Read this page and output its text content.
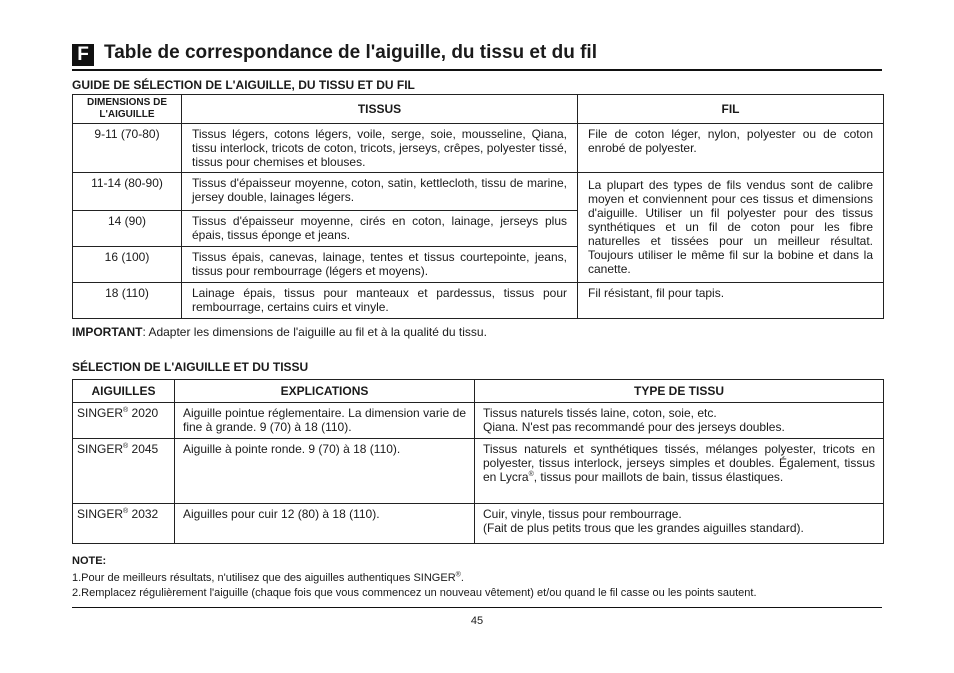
F Table de correspondance de l'aiguille, du tissu et du fil
GUIDE DE SÉLECTION DE L'AIGUILLE, DU TISSU ET DU FIL
DIMENSIONS DE L'AIGUILLE	TISSUS	FIL
9-11 (70-80)	Tissus légers, cotons légers, voile, serge, soie, mousseline, Qiana, tissu interlock, tricots de coton, tricots, jerseys, crêpes, polyester tissé, tissus pour chemises et blouses.	File de coton léger, nylon, polyester ou de coton enrobé de polyester.
11-14 (80-90)	Tissus d'épaisseur moyenne, coton, satin, kettlecloth, tissu de marine, jersey double, lainages légers.	La plupart des types de fils vendus sont de calibre moyen et conviennent pour ces tissus et dimensions d'aiguille. Utiliser un fil polyester pour des tissus synthétiques et un fil de coton pour les fibre naturelles et tissées pour un meilleur résultat. Toujours utiliser le même fil sur la bobine et dans la canette.
14 (90)	Tissus d'épaisseur moyenne, cirés en coton, lainage, jerseys plus épais, tissus éponge et jeans.	
16 (100)	Tissus épais, canevas, lainage, tentes et tissus courtepointe, jeans, tissus pour rembourrage (légers et moyens).	
18 (110)	Lainage épais, tissus pour manteaux et pardessus, tissus pour rembourrage, certains cuirs et vinyle.	Fil résistant, fil pour tapis.
IMPORTANT: Adapter les dimensions de l'aiguille au fil et à la qualité du tissu.
SÉLECTION DE L'AIGUILLE ET DU TISSU
AIGUILLES	EXPLICATIONS	TYPE DE TISSU
SINGER® 2020	Aiguille pointue réglementaire. La dimension varie de fine à grande. 9 (70) à 18 (110).	Tissus naturels tissés laine, coton, soie, etc.
Qiana. N'est pas recommandé pour des jerseys doubles.

SINGER® 2045	Aiguille à pointe ronde. 9 (70) à 18 (110).	Tissus naturels et synthétiques tissés, mélanges polyester, tricots en polyester, tissus interlock, jerseys simples et doubles. Également, tissus en Lycra®, tissus pour maillots de bain, tissus élastiques.
SINGER® 2032	Aiguilles pour cuir 12 (80) à 18 (110).	Cuir, vinyle, tissus pour rembourrage.
(Fait de plus petits trous que les grandes aiguilles standard).
NOTE:
1.Pour de meilleurs résultats, n'utilisez que des aiguilles authentiques SINGER®.
2.Remplacez régulièrement l'aiguille (chaque fois que vous commencez un nouveau vêtement) et/ou quand le fil casse ou les points sautent.
45
